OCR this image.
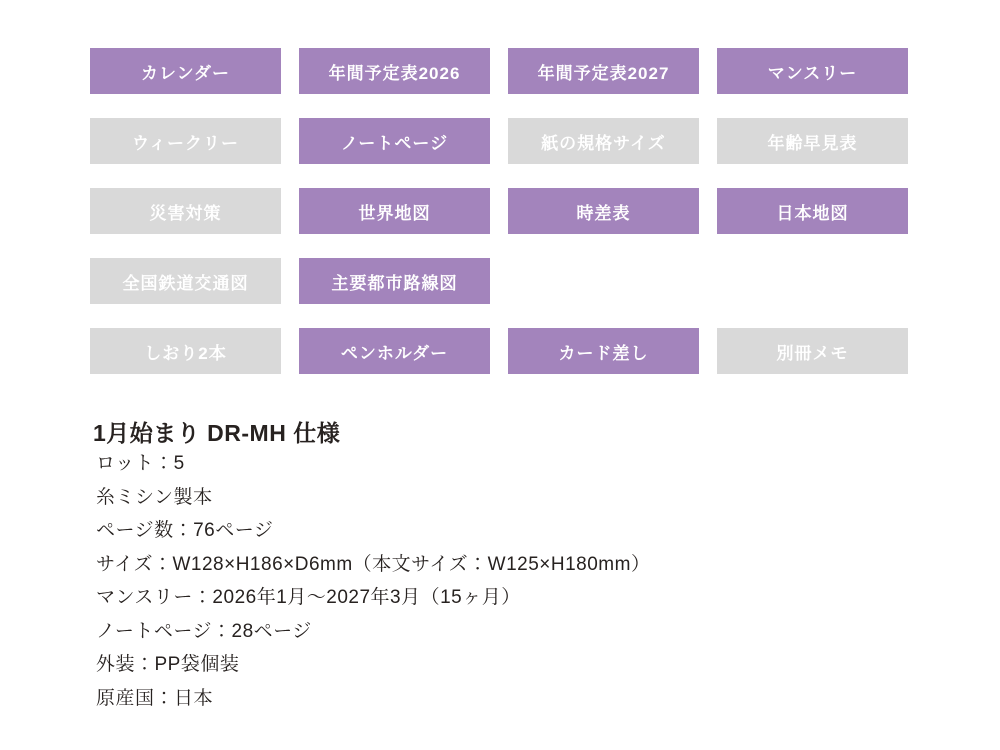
カレンダー	年間予定表2026	年間予定表2027	マンスリー
ウィークリー	ノートページ	紙の規格サイズ	年齢早見表
災害対策	世界地図	時差表	日本地図
全国鉄道交通図	主要都市路線図
しおり2本	ペンホルダー	カード差し	別冊メモ
1月始まり DR-MH 仕様
ロット：5
糸ミシン製本
ページ数：76ページ
サイズ：W128×H186×D6mm（本文サイズ：W125×H180mm）
マンスリー：2026年1月～2027年3月（15ヶ月）
ノートページ：28ページ
外装：PP袋個装
原産国：日本
